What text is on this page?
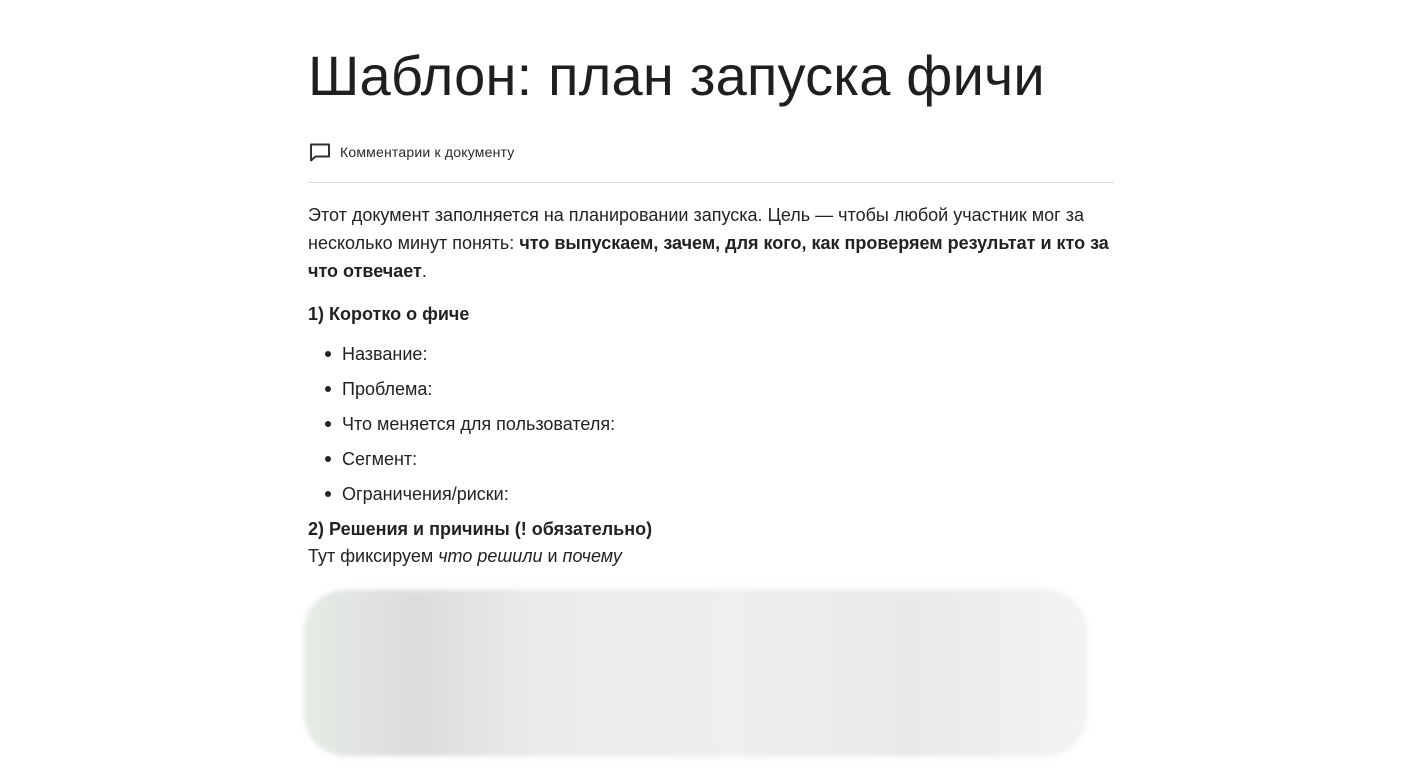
Шаблон: план запуска фичи
Комментарии к документу

Этот документ заполняется на планировании запуска. Цель — чтобы любой участник мог за несколько минут понять: что выпускаем, зачем, для кого, как проверяем результат и кто за что отвечает.

1) Коротко о фиче
Название:
Проблема:
Что меняется для пользователя:
Сегмент:
Ограничения/риски:
2) Решения и причины (! обязательно)
Тут фиксируем что решили и почему
